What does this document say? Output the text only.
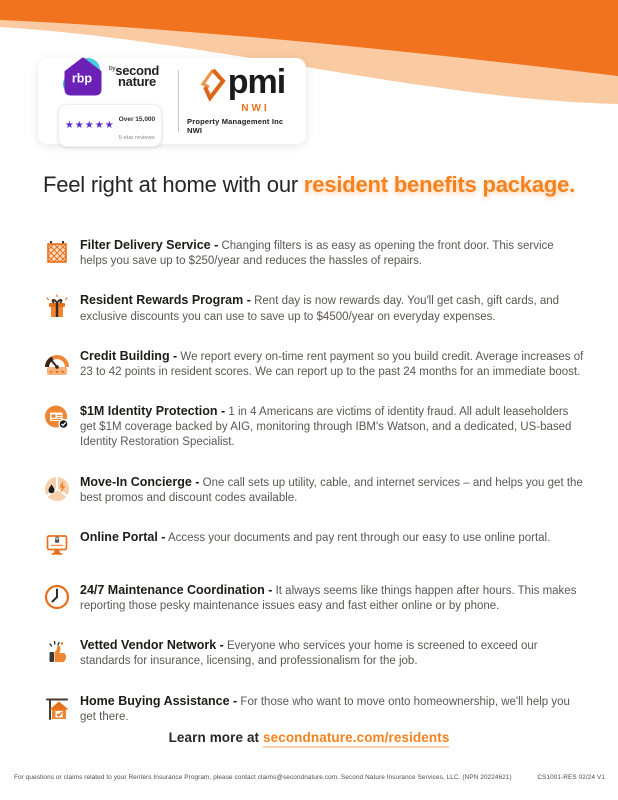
rbp
$^{by}$second
nature
★★★★★
Over 15,000
5-star reviews
pmi
NWI
Property Management Inc NWI
Feel right at home with our resident benefits package.

Filter Delivery Service - Changing filters is as easy as opening the front door. This service helps you save up to $250/year and reduces the hassles of repairs.

Resident Rewards Program - Rent day is now rewards day. You'll get cash, gift cards, and exclusive discounts you can use to save up to $4500/year on everyday expenses.

★ ★ ★

Credit Building - We report every on-time rent payment so you build credit. Average increases of 23 to 42 points in resident scores. We can report up to the past 24 months for an immediate boost.

$1M Identity Protection - 1 in 4 Americans are victims of identity fraud. All adult leaseholders get $1M coverage backed by AIG, monitoring through IBM's Watson, and a dedicated, US-based Identity Restoration Specialist.

Move-In Concierge - One call sets up utility, cable, and internet services – and helps you get the best promos and discount codes available.

Online Portal - Access your documents and pay rent through our easy to use online portal.

24/7 Maintenance Coordination - It always seems like things happen after hours. This makes reporting those pesky maintenance issues easy and fast either online or by phone.

Vetted Vendor Network - Everyone who services your home is screened to exceed our standards for insurance, licensing, and professionalism for the job.

Home Buying Assistance - For those who want to move onto homeownership, we'll help you get there.

Learn more at secondnature.com/residents
For questions or claims related to your Renters Insurance Program, please contact claims@secondnature.com. Second Nature Insurance Services, LLC. (NPN 20224621)	CS1001-RES 02/24 V1
